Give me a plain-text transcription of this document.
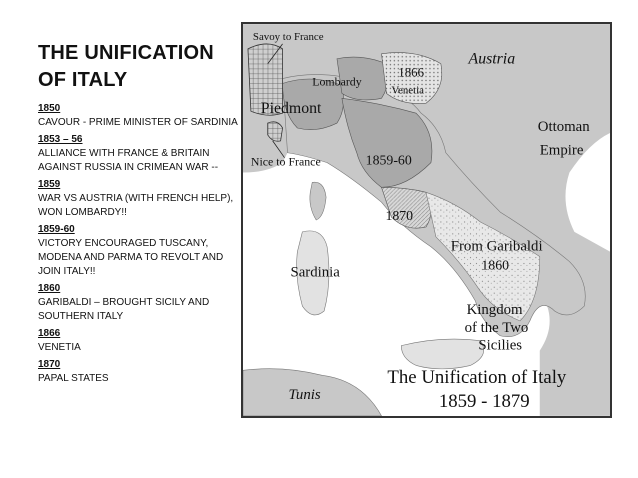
THE UNIFICATION OF ITALY
1850
CAVOUR - PRIME MINISTER OF SARDINIA
1853 – 56
ALLIANCE WITH FRANCE & BRITAIN AGAINST RUSSIA IN CRIMEAN WAR --
1859
WAR VS AUSTRIA (WITH FRENCH HELP), WON LOMBARDY!!
1859-60
VICTORY ENCOURAGED TUSCANY, MODENA AND PARMA TO REVOLT AND JOIN ITALY!!
1860
GARIBALDI – BROUGHT SICILY AND SOUTHERN ITALY
1866
VENETIA
1870
PAPAL STATES
Savoy to France
Austria
Lombardy
1866
Venetia
Piedmont
Ottoman
Empire
Nice to France	1859-60
1870
From Garibaldi
1860
Sardinia
Kingdom
of the Two
Sicilies
Tunis
The Unification of Italy
1859 - 1879
